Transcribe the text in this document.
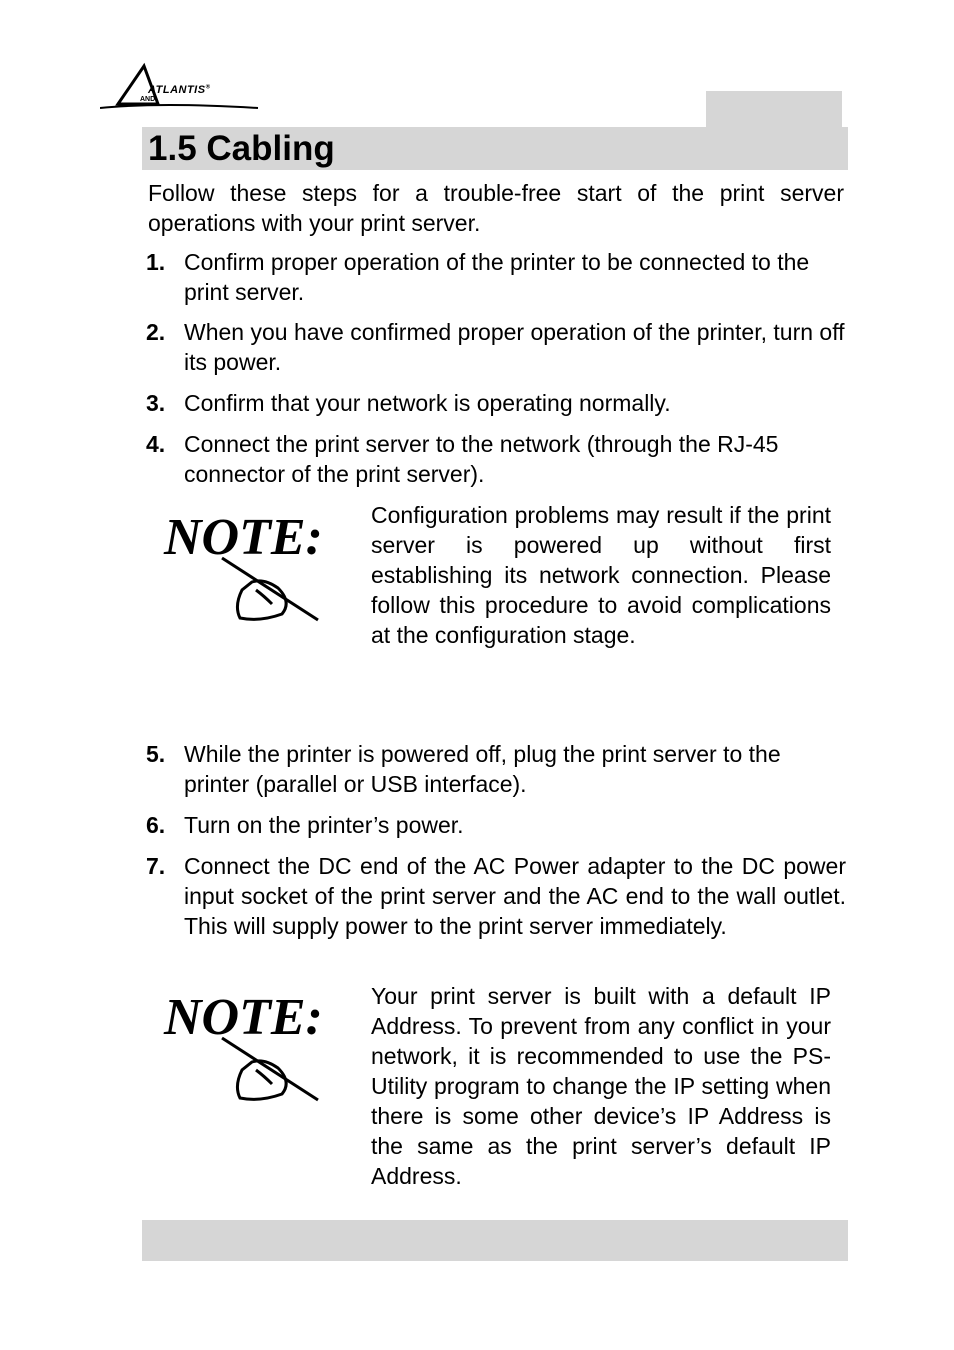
ATLANTIS®
AND
1.5 Cabling

Follow these steps for a trouble-free start of the print server operations with your print server.

1. Confirm proper operation of the printer to be connected to the print server.
2. When you have confirmed proper operation of the printer, turn off its power.
3. Confirm that your network is operating normally.
4. Connect the print server to the network (through the RJ-45 connector of the print server).
NOTE: Configuration problems may result if the print server is powered up without first establishing its network connection. Please follow this procedure to avoid complications at the configuration stage.

5. While the printer is powered off, plug the print server to the printer (parallel or USB interface).
6. Turn on the printer’s power.
7. Connect the DC end of the AC Power adapter to the DC power input socket of the print server and the AC end to the wall outlet. This will supply power to the print server immediately.
NOTE: Your print server is built with a default IP Address. To prevent from any conflict in your network, it is recommended to use the PS-Utility program to change the IP setting when there is some other device’s IP Address is the same as the print server’s default IP Address.
